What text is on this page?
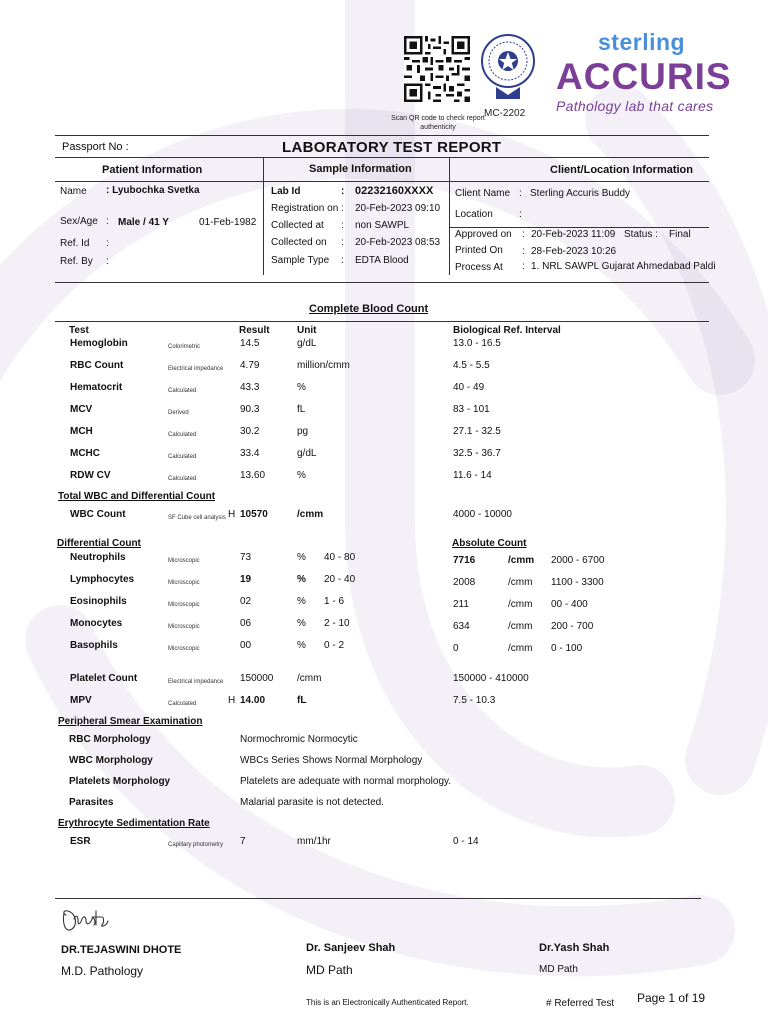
Scan QR code to check report authenticity
MC-2202
sterling
ACCURIS
Pathology lab that cares
Passport No :	LABORATORY TEST REPORT
Patient Information	Sample Information	Client/Location Information
Name : Lyubochka Svetka
Sex/Age : Male / 41 Y	01-Feb-1982
Ref. Id :
Ref. By :
Lab Id	: 02232160XXXX
Registration on : 20-Feb-2023 09:10
Collected at : non SAWPL
Collected on : 20-Feb-2023 08:53
Sample Type : EDTA Blood
Client Name : Sterling Accuris Buddy
Location	:
Approved on : 20-Feb-2023 11:09 Status : Final
Printed On : 28-Feb-2023 10:26
Process At : 1. NRL SAWPL Gujarat Ahmedabad Paldi
Complete Blood Count
Test	Result	Unit	Biological Ref. Interval
Hemoglobin	Colorimetric	14.5	g/dL	13.0 - 16.5
RBC Count	Electrical impedance 4.79	million/cmm	4.5 - 5.5
Hematocrit	Calculated	43.3	%	40 - 49
MCV	Derived	90.3	fL	83 - 101
MCH	Calculated	30.2	pg	27.1 - 32.5
MCHC	Calculated	33.4	g/dL	32.5 - 36.7
RDW CV	Calculated	13.60	%	11.6 - 14
Total WBC and Differential Count
WBC Count	SF Cube cell analysis H 10570	/cmm	4000 - 10000
Differential Count	Absolute Count
Neutrophils	Microscopic	73	% 40 - 80	7716	/cmm 2000 - 6700
Lymphocytes	Microscopic	19	% 20 - 40	2008	/cmm 1100 - 3300
Eosinophils	Microscopic	02	% 1 - 6	211	/cmm 00 - 400
Monocytes	Microscopic	06	% 2 - 10	634	/cmm 200 - 700
Basophils	Microscopic	00	% 0 - 2	0	/cmm 0 - 100
Platelet Count	Electrical impedance 150000 /cmm	150000 - 410000
MPV	Calculated	H 14.00	fL	7.5 - 10.3
Peripheral Smear Examination
RBC Morphology	Normochromic Normocytic
WBC Morphology	WBCs Series Shows Normal Morphology
Platelets Morphology	Platelets are adequate with normal morphology.
Parasites	Malarial parasite is not detected.
Erythrocyte Sedimentation Rate
ESR	Capillary photometry 7	mm/1hr	0 - 14
DR.TEJASWINI DHOTE
M.D. Pathology
Dr. Sanjeev Shah
MD Path
Dr.Yash Shah
MD Path
This is an Electronically Authenticated Report.	# Referred Test Page 1 of 19
